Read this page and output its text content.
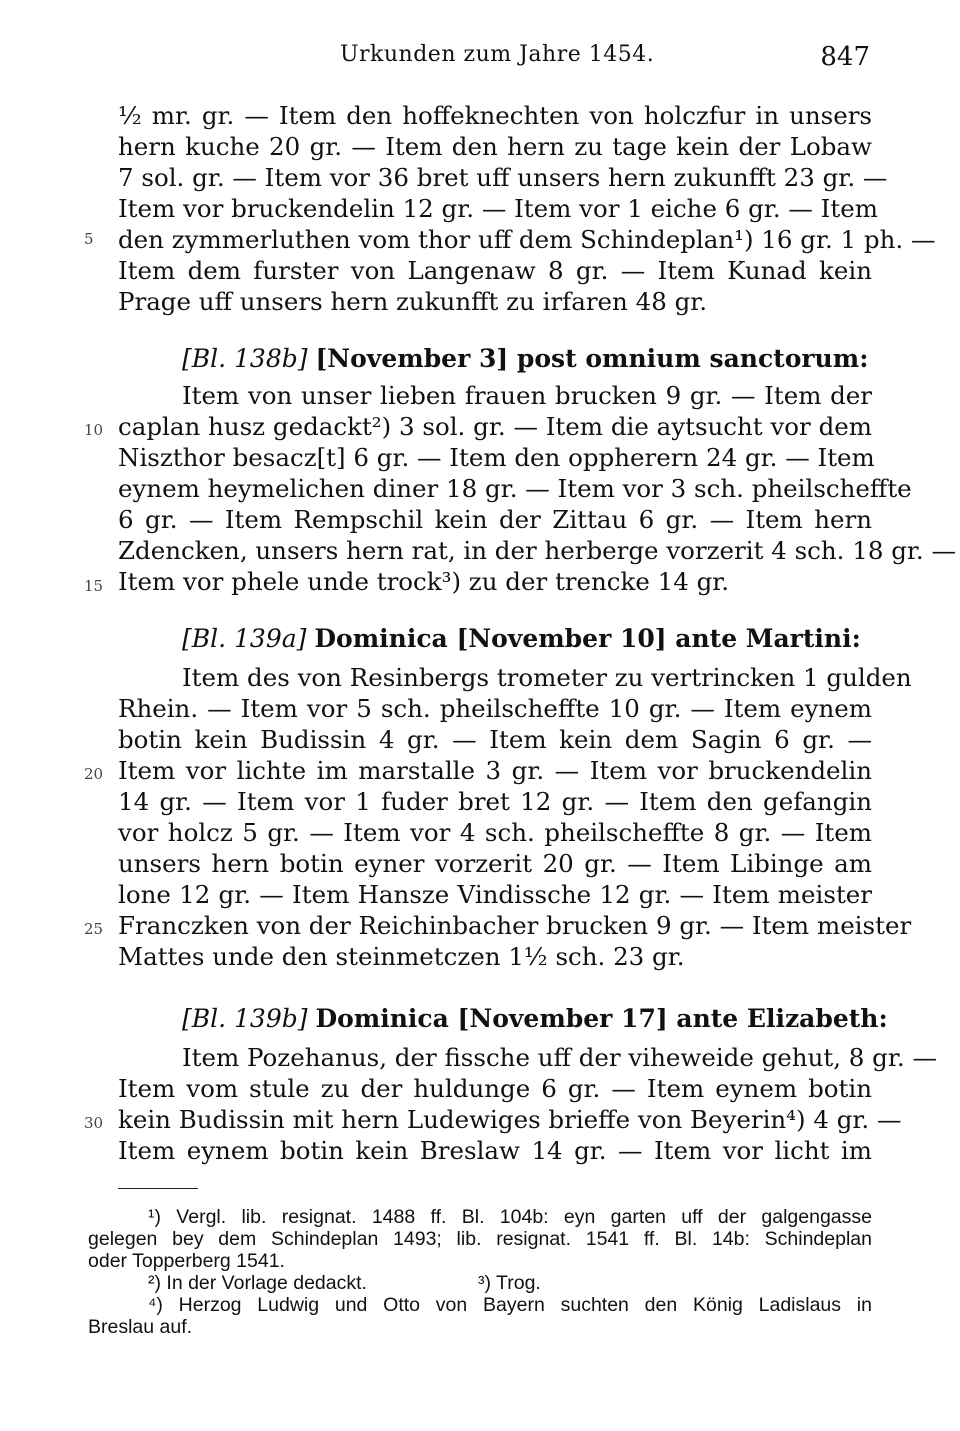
Urkunden zum Jahre 1454.	847
½ mr. gr. — Item den hoffeknechten von holczfur in unsers
hern kuche 20 gr. — Item den hern zu tage kein der Lobaw
7 sol. gr. — Item vor 36 bret uff unsers hern zukunfft 23 gr. —
Item vor bruckendelin 12 gr. — Item vor 1 eiche 6 gr. — Item
den zymmerluthen vom thor uff dem Schindeplan¹) 16 gr. 1 ph. —
Item dem furster von Langenaw 8 gr. — Item Kunad kein
Prage uff unsers hern zukunfft zu irfaren 48 gr.
[Bl. 138b] [November 3] post omnium sanctorum:
Item von unser lieben frauen brucken 9 gr. — Item der
caplan husz gedackt²) 3 sol. gr. — Item die aytsucht vor dem
Niszthor besacz[t] 6 gr. — Item den oppherern 24 gr. — Item
eynem heymelichen diner 18 gr. — Item vor 3 sch. pheilscheffte
6 gr. — Item Rempschil kein der Zittau 6 gr. — Item hern
Zdencken, unsers hern rat, in der herberge vorzerit 4 sch. 18 gr. —
Item vor phele unde trock³) zu der trencke 14 gr.
[Bl. 139a] Dominica [November 10] ante Martini:
Item des von Resinbergs trometer zu vertrincken 1 gulden
Rhein. — Item vor 5 sch. pheilscheffte 10 gr. — Item eynem
botin kein Budissin 4 gr. — Item kein dem Sagin 6 gr. —
Item vor lichte im marstalle 3 gr. — Item vor bruckendelin
14 gr. — Item vor 1 fuder bret 12 gr. — Item den gefangin
vor holcz 5 gr. — Item vor 4 sch. pheilscheffte 8 gr. — Item
unsers hern botin eyner vorzerit 20 gr. — Item Libinge am
lone 12 gr. — Item Hansze Vindissche 12 gr. — Item meister
Franczken von der Reichinbacher brucken 9 gr. — Item meister
Mattes unde den steinmetczen 1½ sch. 23 gr.
[Bl. 139b] Dominica [November 17] ante Elizabeth:
Item Pozehanus, der fissche uff der viheweide gehut, 8 gr. —
Item vom stule zu der huldunge 6 gr. — Item eynem botin
kein Budissin mit hern Ludewiges brieffe von Beyerin⁴) 4 gr. —
Item eynem botin kein Breslaw 14 gr. — Item vor licht im
5
10
15
20
25
30
¹) Vergl. lib. resignat. 1488 ff. Bl. 104b: eyn garten uff der galgengasse
gelegen bey dem Schindeplan 1493; lib. resignat. 1541 ff. Bl. 14b: Schindeplan
oder Topperberg 1541.
²) In der Vorlage dedackt.	³) Trog.
⁴) Herzog Ludwig und Otto von Bayern suchten den König Ladislaus in
Breslau auf.
